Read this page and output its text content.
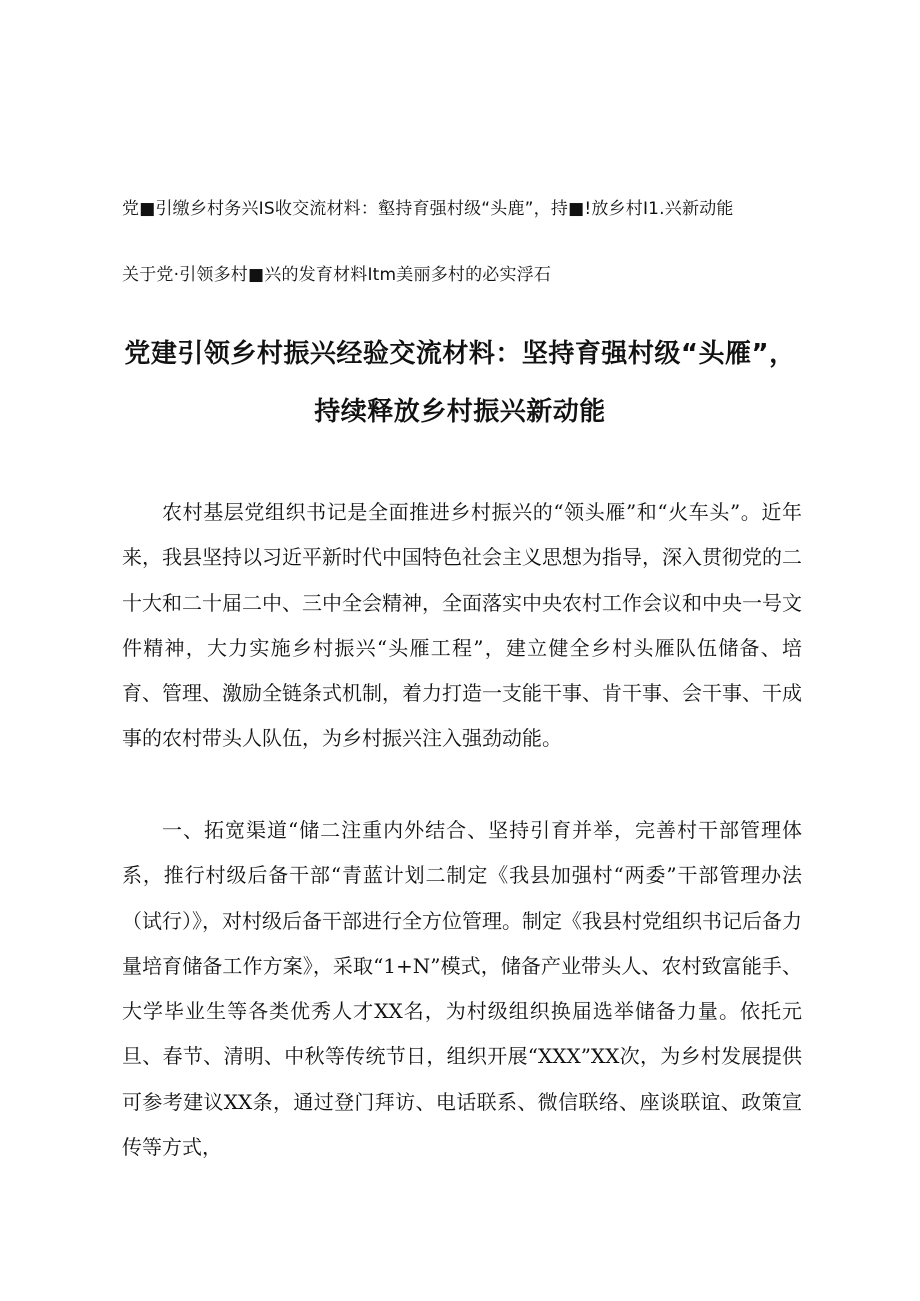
党■引缴乡村务兴IS收交流材料：壑持育强村级“头鹿”，持■!放乡村I1.兴新动能
关于党·引领多村■兴的发育材料Itm美丽多村的必实浮石
党建引领乡村振兴经验交流材料：坚持育强村级“头雁”，
持续释放乡村振兴新动能

农村基层党组织书记是全面推进乡村振兴的“领头雁”和“火车头”。近年来，我县坚持以习近平新时代中国特色社会主义思想为指导，深入贯彻党的二十大和二十届二中、三中全会精神，全面落实中央农村工作会议和中央一号文件精神，大力实施乡村振兴“头雁工程”，建立健全乡村头雁队伍储备、培育、管理、激励全链条式机制，着力打造一支能干事、肯干事、会干事、干成事的农村带头人队伍，为乡村振兴注入强劲动能。

一、拓宽渠道“储二注重内外结合、坚持引育并举，完善村干部管理体系，推行村级后备干部“青蓝计划二制定《我县加强村“两委”干部管理办法（试行）》，对村级后备干部进行全方位管理。制定《我县村党组织书记后备力量培育储备工作方案》，采取“1+N”模式，储备产业带头人、农村致富能手、大学毕业生等各类优秀人才XX名，为村级组织换届选举储备力量。依托元旦、春节、清明、中秋等传统节日，组织开展“XXX”XX次，为乡村发展提供可参考建议XX条，通过登门拜访、电话联系、微信联络、座谈联谊、政策宣传等方式，
